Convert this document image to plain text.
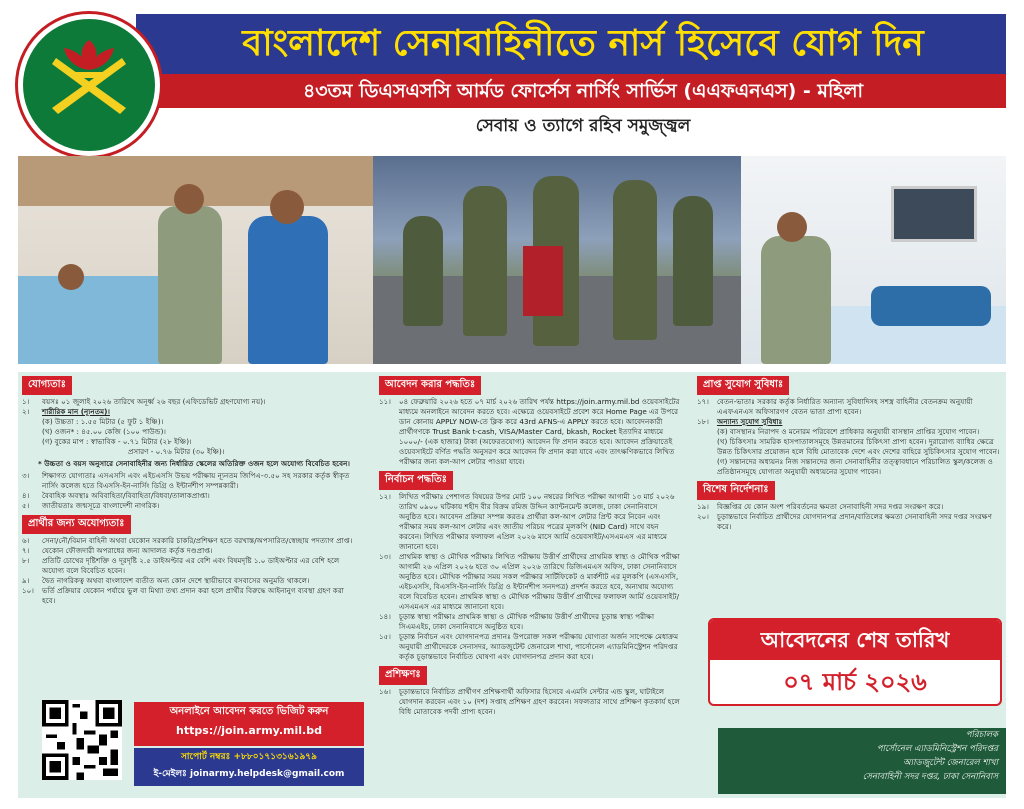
বাংলাদেশ সেনাবাহিনীতে নার্স হিসেবে যোগ দিন
৪৩তম ডিএসএসসি আর্মড ফোর্সেস নার্সিং সার্ভিস (এএফএনএস) - মহিলা
সেবায় ও ত্যাগে রহিব সমুজ্জ্বল
যোগ্যতাঃ
১।	বয়সঃ ০১ জুলাই ২০২৬ তারিখে অনূর্ধ্ব ২৬ বছর (এফিডেভিট গ্রহণযোগ্য নয়)।
২।	শারীরিক মান (ন্যূনতম)।
(ক) উচ্চতা : ১.৫৫ মিটার (৫ ফুট ১ ইঞ্চি)।
(খ) ওজন* : ৪৫.০০ কেজি (১০০ পাউন্ড)।
(গ) বুকের মাপ : স্বাভাবিক - ০.৭১ মিটার (২৮ ইঞ্চি)।
প্রসারণ - ০.৭৬ মিটার (৩০ ইঞ্চি)।
* উচ্চতা ও বয়স অনুসারে সেনাবাহিনীর জন্য নির্ধারিত স্কেলের অতিরিক্ত ওজন হলে অযোগ্য বিবেচিত হবেন।
৩।	শিক্ষাগত যোগ্যতাঃ এসএসসি এবং এইচএসসি উভয় পরীক্ষায় ন্যূনতম জিপিএ-৩.৫০ সহ সরকার কর্তৃক স্বীকৃত নার্সিং কলেজ হতে বিএসসি-ইন-নার্সিং ডিগ্রি ও ইন্টার্নশীপ সম্পন্নকারী।
৪।	বৈবাহিক অবস্থাঃ অবিবাহিতা/বিবাহিতা/বিধবা/তালাকপ্রাপ্তা।
৫।	জাতীয়তাঃ জন্মসূত্রে বাংলাদেশী নাগরিক।
প্রার্থীর জন্য অযোগ্যতাঃ
৬।	সেনা/নৌ/বিমান বাহিনী অথবা যেকোন সরকারি চাকরি/প্রশিক্ষণ হতে বরখাস্ত/অপসারিত/স্বেচ্ছায় পদত্যাগ প্রাপ্ত।
৭।	যেকোন ফৌজদারী অপরাধের জন্য আদালত কর্তৃক দণ্ডপ্রাপ্ত।
৮।	প্রতিটি চোখের দৃষ্টিশক্তি ও দূরদৃষ্টি ২.৫ ডাইঅপ্টার এর বেশি এবং বিষমদৃষ্টি ১.০ ডাইঅপ্টার এর বেশি হলে অযোগ্য বলে বিবেচিত হবেন।
৯।	দ্বৈত নাগরিকত্ব অথবা বাংলাদেশ ব্যতীত অন্য কোন দেশে স্থায়ীভাবে বসবাসের অনুমতি থাকলে।
১০।	ভর্তি প্রক্রিয়ার যেকোন পর্যায়ে ভুল বা মিথ্যা তথ্য প্রদান করা হলে প্রার্থীর বিরুদ্ধে আইনানুগ ব্যবস্থা গ্রহণ করা হবে।
আবেদন করার পদ্ধতিঃ
১১।	০৪ ফেব্রুয়ারি ২০২৬ হতে ০৭ মার্চ ২০২৬ তারিখ পর্যন্ত https://join.army.mil.bd ওয়েবসাইটের মাধ্যমে অনলাইনে আবেদন করতে হবে। এক্ষেত্রে ওয়েবসাইটে প্রবেশ করে Home Page এর উপরে ডান কোনায় APPLY NOW-তে ক্লিক করে 43rd AFNS-এ APPLY করতে হবে। আবেদনকারী প্রার্থীগণকে Trust Bank t-cash, VISA/Master Card, bkash, Rocket ইত্যাদির মাধ্যমে ১০০০/- (এক হাজার) টাকা (অফেরতযোগ্য) আবেদন ফি প্রদান করতে হবে। আবেদন প্রক্রিয়াতেই ওয়েবসাইটে বর্ণিত পদ্ধতি অনুসরণ করে আবেদন ফি প্রদান করা যাবে এবং তাৎক্ষণিকভাবে লিখিত পরীক্ষার জন্য কল-আপ লেটার পাওয়া যাবে।
নির্বাচন পদ্ধতিঃ
১২।	লিখিত পরীক্ষাঃ পেশাগত বিষয়ের উপর মোট ১০০ নম্বরের লিখিত পরীক্ষা আগামী ১৩ মার্চ ২০২৬ তারিখ ০৯০০ ঘটিকায় শহীদ বীর বিক্রম রমিজ উদ্দিন ক্যান্টনমেন্ট কলেজ, ঢাকা সেনানিবাসে অনুষ্ঠিত হবে। আবেদন প্রক্রিয়া সম্পন্ন করতঃ প্রার্থীরা কল-আপ লেটার প্রিন্ট করে নিবেন এবং পরীক্ষার সময় কল-আপ লেটার এবং জাতীয় পরিচয় পত্রের মূলকপি (NID Card) সাথে বহন করবেন। লিখিত পরীক্ষার ফলাফল এপ্রিল ২০২৬ মাসে আর্মি ওয়েবসাইট/এসএমএস এর মাধ্যমে জানানো হবে।
১৩।	প্রাথমিক স্বাস্থ্য ও মৌখিক পরীক্ষাঃ লিখিত পরীক্ষায় উত্তীর্ণ প্রার্থীদের প্রাথমিক স্বাস্থ্য ও মৌখিক পরীক্ষা আগামী ২৬ এপ্রিল ২০২৬ হতে ৩০ এপ্রিল ২০২৬ তারিখে ডিজিএমএস অফিস, ঢাকা সেনানিবাসে অনুষ্ঠিত হবে। মৌখিক পরীক্ষার সময় সকল পরীক্ষার সার্টিফিকেট ও মার্কশীট এর মূলকপি (এসএসসি, এইচএসসি, বিএসসি-ইন-নার্সিং ডিগ্রি ও ইন্টার্নশীপ সনদপত্র) প্রদর্শন করতে হবে, অন্যথায় অযোগ্য বলে বিবেচিত হবেন। প্রাথমিক স্বাস্থ্য ও মৌখিক পরীক্ষায় উত্তীর্ণ প্রার্থীদের ফলাফল আর্মি ওয়েবসাইট/এসএমএস এর মাধ্যমে জানানো হবে।
১৪।	চূড়ান্ত স্বাস্থ্য পরীক্ষাঃ প্রাথমিক স্বাস্থ্য ও মৌখিক পরীক্ষায় উত্তীর্ণ প্রার্থীদের চূড়ান্ত স্বাস্থ্য পরীক্ষা সিএমএইচ, ঢাকা সেনানিবাসে অনুষ্ঠিত হবে।
১৫।	চূড়ান্ত নির্বাচন এবং যোগদানপত্র প্রদানঃ উপরোক্ত সকল পরীক্ষায় যোগ্যতা অর্জন সাপেক্ষে মেধাক্রম অনুযায়ী প্রার্থীদেরকে সেনাসদর, অ্যাডজুটেন্ট জেনারেল শাখা, পার্সোনেল এ্যাডমিনিস্ট্রেশন পরিদপ্তর কর্তৃক চূড়ান্তভাবে নির্বাচিত ঘোষণা এবং যোগদানপত্র প্রদান করা হবে।
প্রশিক্ষণঃ
১৬।	চূড়ান্তভাবে নির্বাচিত প্রার্থীগণ প্রশিক্ষণার্থী অফিসার হিসেবে এএমসি সেন্টার এন্ড স্কুল, ঘাটাইলে যোগদান করবেন এবং ১০ (দশ) সপ্তাহ প্রশিক্ষণ গ্রহণ করবেন। সফলতার সাথে প্রশিক্ষণ কৃতকার্য হলে বিধি মোতাবেক পদবী প্রাপ্য হবেন।
প্রাপ্ত সুযোগ সুবিধাঃ
১৭।	বেতন-ভাতাঃ সরকার কর্তৃক নির্ধারিত অন্যান্য সুবিধাদিসহ সশস্ত্র বাহিনীর বেতনক্রম অনুযায়ী এএফএনএস অফিসারগণ বেতন ভাতা প্রাপ্য হবেন।
১৮।	অন্যান্য সুযোগ সুবিধাঃ
(ক) বাসস্থানঃ নিরাপদ ও মনোরম পরিবেশে প্রাধিকার অনুযায়ী বাসস্থান প্রাপ্তির সুযোগ পাবেন।
(খ) চিকিৎসাঃ সামরিক হাসপাতালসমূহে উন্নতমানের চিকিৎসা প্রাপ্য হবেন। দুরারোগ্য ব্যাধির ক্ষেত্রে উন্নত চিকিৎসার প্রয়োজন হলে বিধি মোতাবেক দেশে এবং দেশের বাহিরে সুচিকিৎসার সুযোগ পাবেন।
(গ) সন্তানদের অধ্যয়নঃ নিজ সন্তানদের জন্য সেনাবাহিনীর তত্ত্বাবধানে পরিচালিত স্কুল/কলেজ ও প্রতিষ্ঠানসমূহে যোগ্যতা অনুযায়ী অধ্যয়নের সুযোগ পাবেন।
বিশেষ নির্দেশনাঃ
১৯।	বিজ্ঞপ্তির যে কোন অংশ পরিবর্তনের ক্ষমতা সেনাবাহিনী সদর দপ্তর সংরক্ষণ করে।
২০।	চূড়ান্তভাবে নির্বাচিত প্রার্থীদের যোগদানপত্র প্রদান/বাতিলের ক্ষমতা সেনাবাহিনী সদর দপ্তর সংরক্ষণ করে।
আবেদনের শেষ তারিখ
০৭ মার্চ ২০২৬
অনলাইনে আবেদন করতে ভিজিট করুন
https://join.army.mil.bd
সাপোর্ট নম্বরঃ +৮৮০১৭১৩১৬১৯৭৯
ই-মেইলঃ joinarmy.helpdesk@gmail.com
পরিচালক
পার্সোনেল এ্যাডমিনিস্ট্রেশন পরিদপ্তর
অ্যাডজুটেন্ট জেনারেল শাখা
সেনাবাহিনী সদর দপ্তর, ঢাকা সেনানিবাস
